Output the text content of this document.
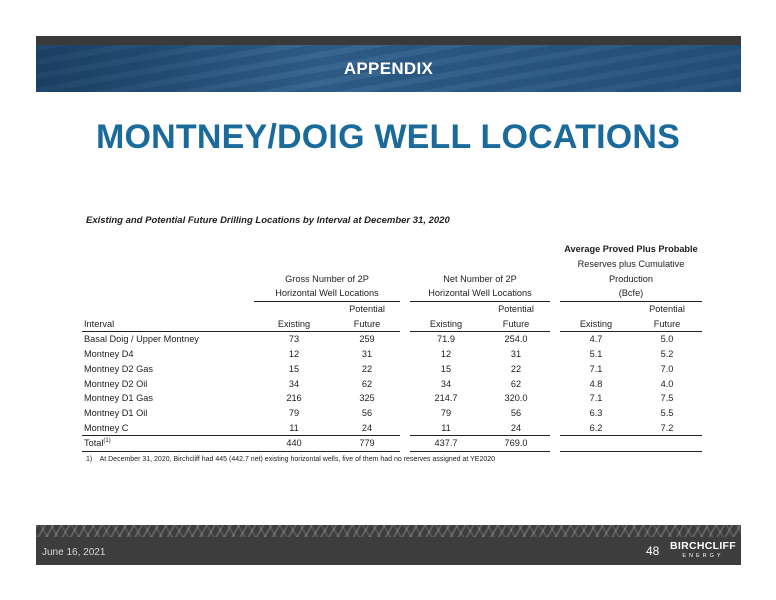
APPENDIX
MONTNEY/DOIG WELL LOCATIONS
Existing and Potential Future Drilling Locations by Interval at December 31, 2020
							Average Proved Plus Probable	
							Reserves plus Cumulative	
	Gross Number of 2P			Net Number of 2P			Production	
	Horizontal Well Locations			Horizontal Well Locations			(Bcfe)	
		Potential			Potential			Potential
Interval	Existing	Future		Existing	Future		Existing	Future
Basal Doig / Upper Montney	73	259		71.9	254.0		4.7	5.0
Montney D4	12	31		12	31		5.1	5.2
Montney D2 Gas	15	22		15	22		7.1	7.0
Montney D2 Oil	34	62		34	62		4.8	4.0
Montney D1 Gas	216	325		214.7	320.0		7.1	7.5
Montney D1 Oil	79	56		79	56		6.3	5.5
Montney C	11	24		11	24		6.2	7.2
Total$^{(1)}$	440	779		437.7	769.0			
1) At December 31, 2020, Birchcliff had 445 (442.7 net) existing horizontal wells, five of them had no reserves assigned at YE2020
June 16, 2021	48 BIRCHCLIFF
ENERGY
